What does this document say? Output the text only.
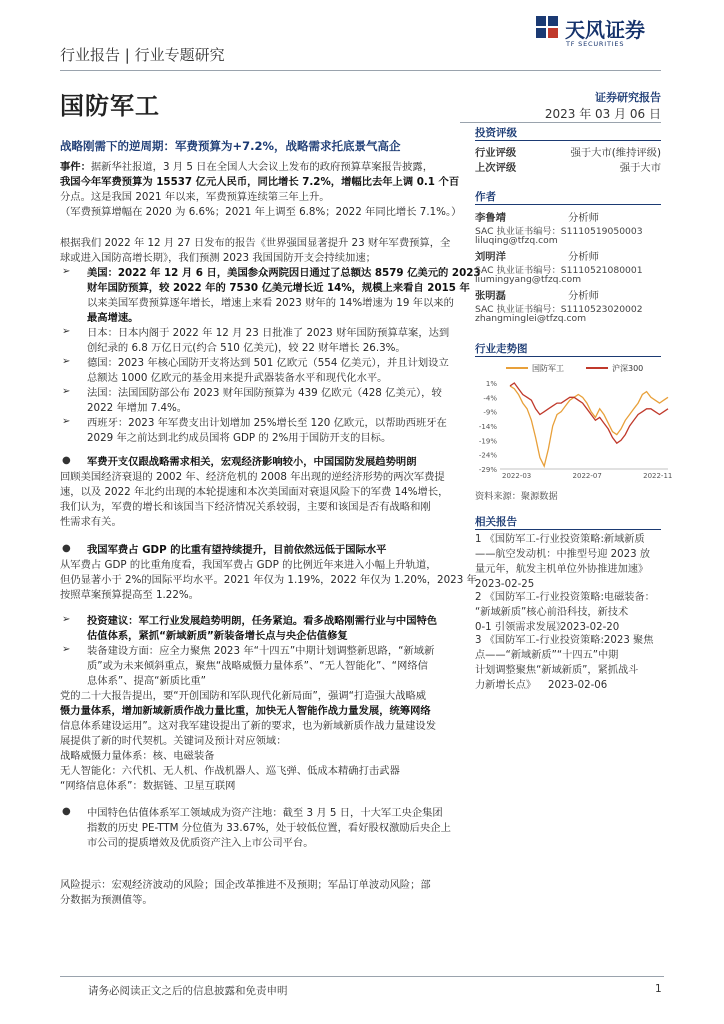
行业报告 | 行业专题研究
国防军工
天风证券
TF SECURITIES
证券研究报告
2023 年 03 月 06 日
战略刚需下的逆周期：军费预算为+7.2%，战略需求托底景气高企
事件：据新华社报道，3 月 5 日在全国人大会议上发布的政府预算草案报告披露，
我国今年军费预算为 15537 亿元人民币，同比增长 7.2%，增幅比去年上调 0.1 个百
分点。这是我国 2021 年以来，军费预算连续第三年上升。
（军费预算增幅在 2020 为 6.6%；2021 年上调至 6.8%；2022 年同比增长 7.1%。）
根据我们 2022 年 12 月 27 日发布的报告《世界强国显著提升 23 财年军费预算，全
球或进入国防高增长期》，我们预测 2023 我国国防开支会持续加速；
➢ 美国：2022 年 12 月 6 日，美国参众两院因日通过了总额达 8579 亿美元的 2023
财年国防预算，较 2022 年的 7530 亿美元增长近 14%，规模上来看自 2015 年
以来美国军费预算逐年增长，增速上来看 2023 财年的 14%增速为 19 年以来的
最高增速。
➢ 日本：日本内阁于 2022 年 12 月 23 日批准了 2023 财年国防预算草案，达到
创纪录的 6.8 万亿日元(约合 510 亿美元)，较 22 财年增长 26.3%。
➢ 德国：2023 年核心国防开支将达到 501 亿欧元（554 亿美元），并且计划设立
总额达 1000 亿欧元的基金用来提升武器装备水平和现代化水平。
➢ 法国：法国国防部公布 2023 财年国防预算为 439 亿欧元（428 亿美元），较
2022 年增加 7.4%。
➢ 西班牙：2023 年军费支出计划增加 25%增长至 120 亿欧元，以帮助西班牙在
2029 年之前达到北约成员国将 GDP 的 2%用于国防开支的目标。
● 军费开支仅跟战略需求相关，宏观经济影响较小，中国国防发展趋势明朗
回顾美国经济衰退的 2002 年、经济危机的 2008 年出现的逆经济形势的两次军费提
速，以及 2022 年北约出现的本轮提速和本次美国面对衰退风险下的军费 14%增长，
我们认为，军费的增长和该国当下经济情况关系较弱，主要和该国是否有战略和刚
性需求有关。
● 我国军费占 GDP 的比重有望持续提升，目前依然远低于国际水平
从军费占 GDP 的比重角度看，我国军费占 GDP 的比例近年来进入小幅上升轨道，
但仍显著小于 2%的国际平均水平。2021 年仅为 1.19%，2022 年仅为 1.20%，2023 年
按照草案预算提高至 1.22%。
➢ 投资建议：军工行业发展趋势明朗，任务紧迫。看多战略刚需行业与中国特色
估值体系，紧抓“新域新质”新装备增长点与央企估值修复
➢ 装备建设方面：应全力聚焦 2023 年“十四五”中期计划调整新思路，“新域新
质”或为未来倾斜重点，聚焦“战略威慑力量体系”、“无人智能化”、“网络信
息体系”、提高“新质比重”
党的二十大报告提出，要“开创国防和军队现代化新局面”，强调“打造强大战略威
慑力量体系，增加新域新质作战力量比重，加快无人智能作战力量发展，统筹网络
信息体系建设运用”。这对我军建设提出了新的要求，也为新域新质作战力量建设发
展提供了新的时代契机。关键词及预计对应领域：
战略威慑力量体系：核、电磁装备
无人智能化：六代机、无人机、作战机器人、巡飞弹、低成本精确打击武器
“网络信息体系”：数据链、卫星互联网
● 中国特色估值体系军工领域成为资产注地：截至 3 月 5 日，十大军工央企集团
指数的历史 PE-TTM 分位值为 33.67%，处于较低位置，看好股权激励后央企上
市公司的提质增效及优质资产注入上市公司平台。
风险提示：宏观经济波动的风险；国企改革推进不及预期；军品订单波动风险；部
分数据为预测值等。
投资评级
行业评级	强于大市(维持评级)
上次评级	强于大市
作者
李鲁靖	分析师
SAC 执业证书编号：S1110519050003
liluqing@tfzq.com
刘明洋	分析师
SAC 执业证书编号：S1110521080001
liumingyang@tfzq.com
张明磊	分析师
SAC 执业证书编号：S1110523020002
zhangminglei@tfzq.com
行业走势图
国防军工	沪深300
1%
-4%
-9%
-14%
-19%
-24%
-29%
2022-03	2022-07	2022-11
资料来源：聚源数据
相关报告
1 《国防军工-行业投资策略:新域新质
——航空发动机：中推型号迎 2023 放
量元年，航发主机单位外协推进加速》
2023-02-25
2 《国防军工-行业投资策略:电磁装备：
“新域新质”核心前沿科技，新技术
0-1 引领需求发展》
2023-02-20
3 《国防军工-行业投资策略:2023 聚焦
点——“新域新质”“十四五”中期
计划调整聚焦“新域新质”，紧抓战斗
力新增长点》 2023-02-06
请务必阅读正文之后的信息披露和免责申明	1
